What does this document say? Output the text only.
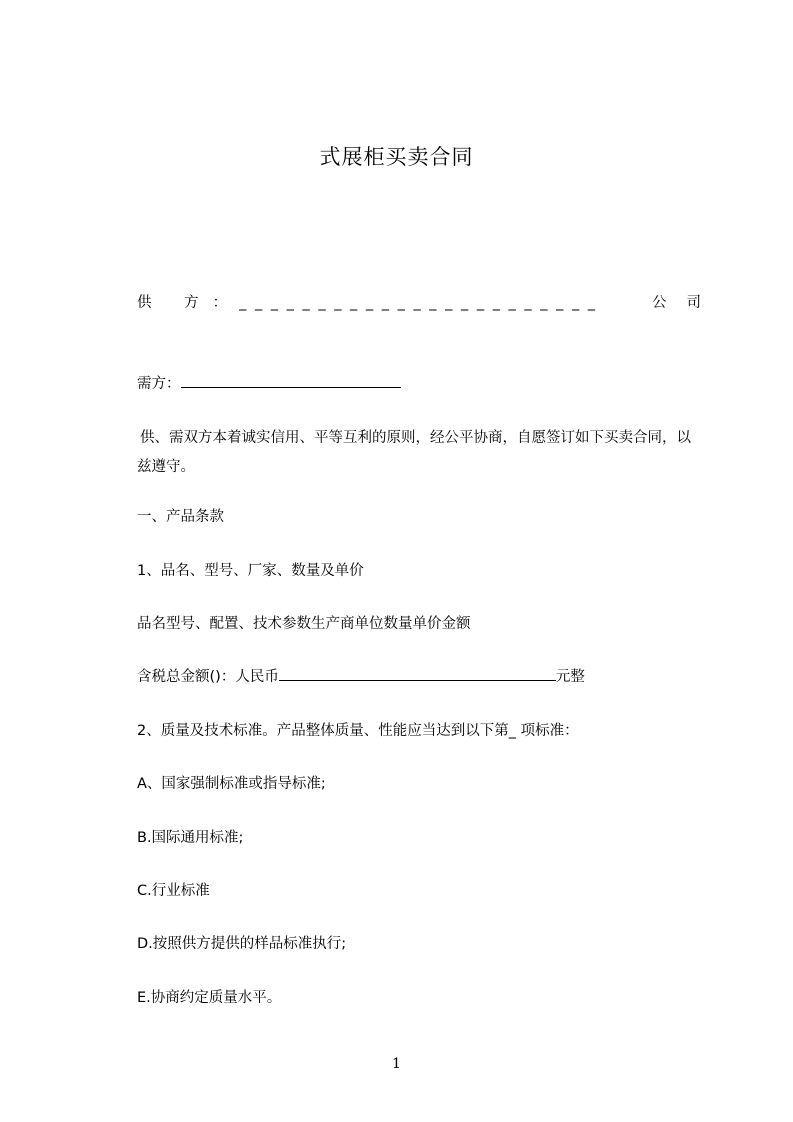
式展柜买卖合同
供 方 ： _______________________	公司
需方：
供、需双方本着诚实信用、平等互利的原则，经公平协商，自愿签订如下买卖合同，以兹遵守。
一、产品条款
1、品名、型号、厂家、数量及单价
品名型号、配置、技术参数生产商单位数量单价金额
含税总金额()：人民币	元整
2、质量及技术标准。产品整体质量、性能应当达到以下第_ 项标准：
A、国家强制标准或指导标准;
B.国际通用标准;
C.行业标准
D.按照供方提供的样品标准执行;
E.协商约定质量水平。
1
